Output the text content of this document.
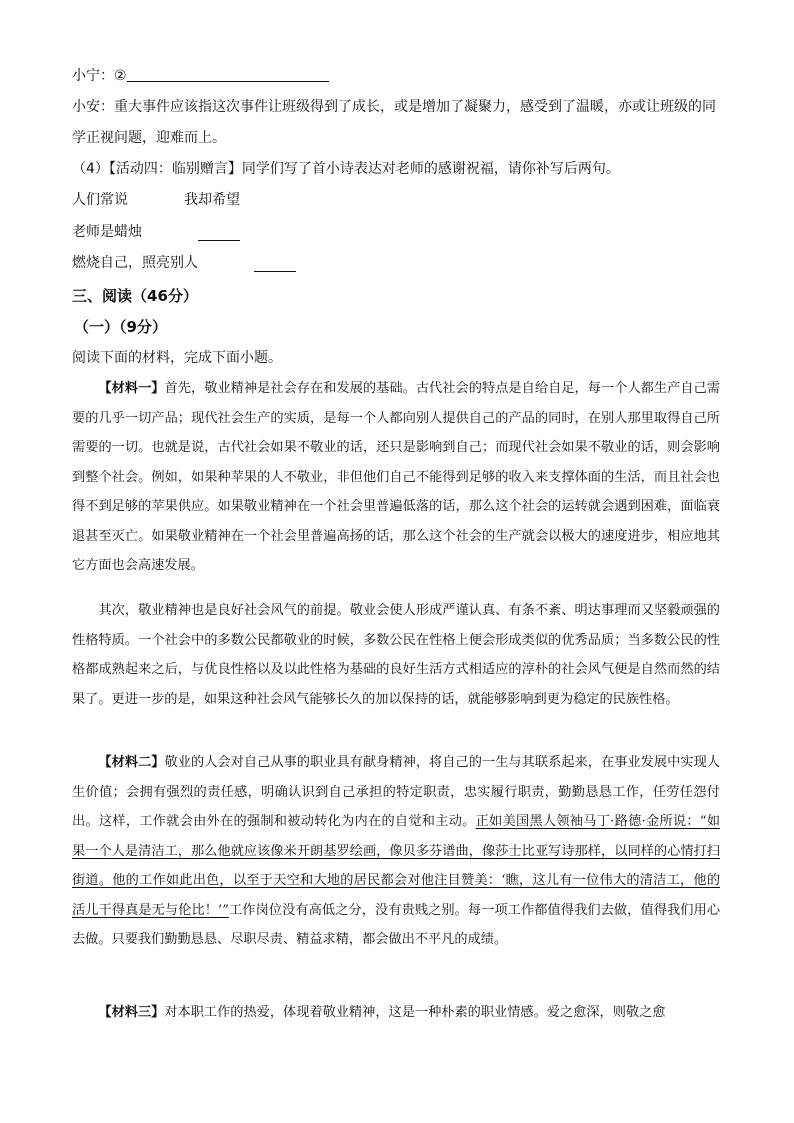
小宁：②
小安：重大事件应该指这次事件让班级得到了成长，或是增加了凝聚力，感受到了温暖，亦或让班级的同
学正视问题，迎难而上。
（4）【活动四：临别赠言】同学们写了首小诗表达对老师的感谢祝福，请你补写后两句。
人们常说	我却希望
老师是蜡烛
燃烧自己，照亮别人
三、阅读（46分）
（一）（9分）
阅读下面的材料，完成下面小题。
【材料一】首先，敬业精神是社会存在和发展的基础。古代社会的特点是自给自足，每一个人都生产自己需要的几乎一切产品；现代社会生产的实质，是每一个人都向别人提供自己的产品的同时，在别人那里取得自己所需要的一切。也就是说，古代社会如果不敬业的话，还只是影响到自己；而现代社会如果不敬业的话，则会影响到整个社会。例如，如果种苹果的人不敬业，非但他们自己不能得到足够的收入来支撑体面的生活，而且社会也得不到足够的苹果供应。如果敬业精神在一个社会里普遍低落的话，那么这个社会的运转就会遇到困难，面临衰退甚至灭亡。如果敬业精神在一个社会里普遍高扬的话，那么这个社会的生产就会以极大的速度进步，相应地其它方面也会高速发展。
其次，敬业精神也是良好社会风气的前提。敬业会使人形成严谨认真、有条不紊、明达事理而又坚毅顽强的性格特质。一个社会中的多数公民都敬业的时候，多数公民在性格上便会形成类似的优秀品质；当多数公民的性格都成熟起来之后，与优良性格以及以此性格为基础的良好生活方式相适应的淳朴的社会风气便是自然而然的结果了。更进一步的是，如果这种社会风气能够长久的加以保持的话，就能够影响到更为稳定的民族性格。
【材料二】敬业的人会对自己从事的职业具有献身精神，将自己的一生与其联系起来，在事业发展中实现人生价值；会拥有强烈的责任感，明确认识到自己承担的特定职责，忠实履行职责，勤勤恳恳工作，任劳任怨付出。这样，工作就会由外在的强制和被动转化为内在的自觉和主动。正如美国黑人领袖马丁·路德·金所说：“如果一个人是清洁工，那么他就应该像米开朗基罗绘画，像贝多芬谱曲，像莎士比亚写诗那样，以同样的心情打扫街道。他的工作如此出色，以至于天空和大地的居民都会对他注目赞美：‘瞧，这儿有一位伟大的清洁工，他的活儿干得真是无与伦比！’”工作岗位没有高低之分，没有贵贱之别。每一项工作都值得我们去做，值得我们用心去做。只要我们勤勤恳恳、尽职尽责、精益求精，都会做出不平凡的成绩。
【材料三】对本职工作的热爱，体现着敬业精神，这是一种朴素的职业情感。爱之愈深，则敬之愈
